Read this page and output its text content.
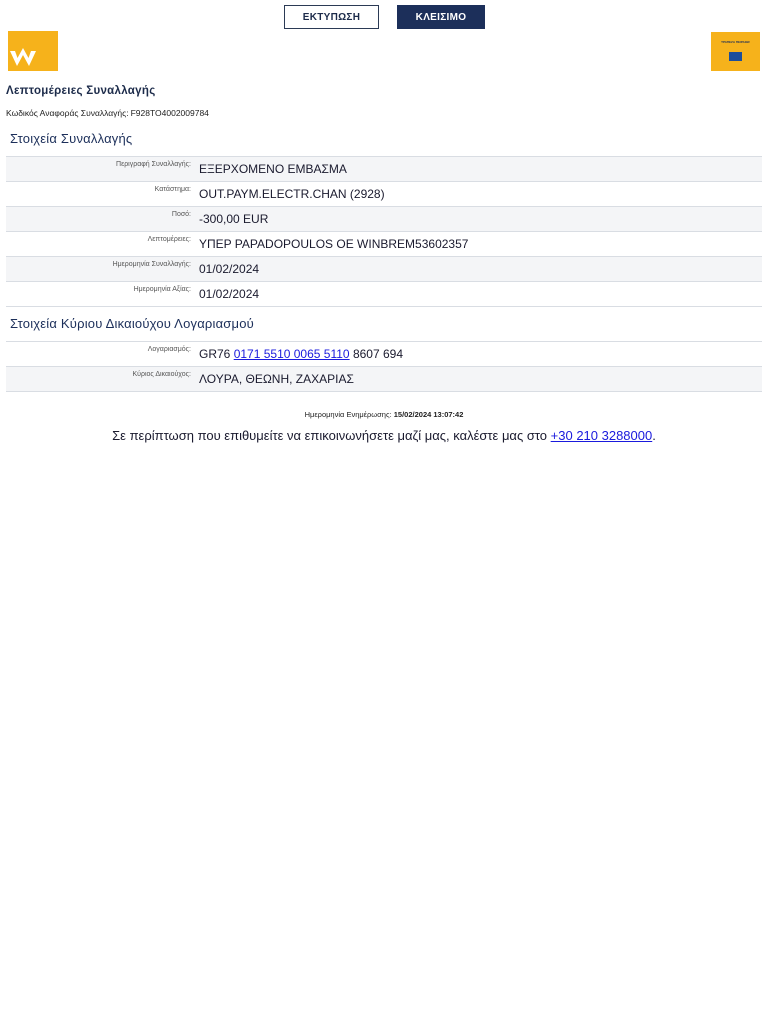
ΕΚΤΥΠΩΣΗ	ΚΛΕΙΣΙΜΟ
ΤΡΑΠΕΖΑ ΠΕΙΡΑΙΩΣ
Λεπτομέρειες Συναλλαγής
Κωδικός Αναφοράς Συναλλαγής: F928TO4002009784
Στοιχεία Συναλλαγής
Περιγραφή Συναλλαγής: ΕΞΕΡΧΟΜΕΝΟ ΕΜΒΑΣΜΑ
Κατάστημα: OUT.PAYM.ELECTR.CHAN (2928)
Ποσό: -300,00 EUR
Λεπτομέρειες: ΥΠΕΡ PAPADOPOULOS OE WINBREM53602357
Ημερομηνία Συναλλαγής: 01/02/2024
Ημερομηνία Αξίας: 01/02/2024
Στοιχεία Κύριου Δικαιούχου Λογαριασμού
Λογαριασμός: GR76 0171 5510 0065 5110 8607 694
Κύριος Δικαιούχος: ΛΟΥΡΑ, ΘΕΩΝΗ, ΖΑΧΑΡΙΑΣ
Ημερομηνία Ενημέρωσης: 15/02/2024 13:07:42
Σε περίπτωση που επιθυμείτε να επικοινωνήσετε μαζί μας, καλέστε μας στο +30 210 3288000.
